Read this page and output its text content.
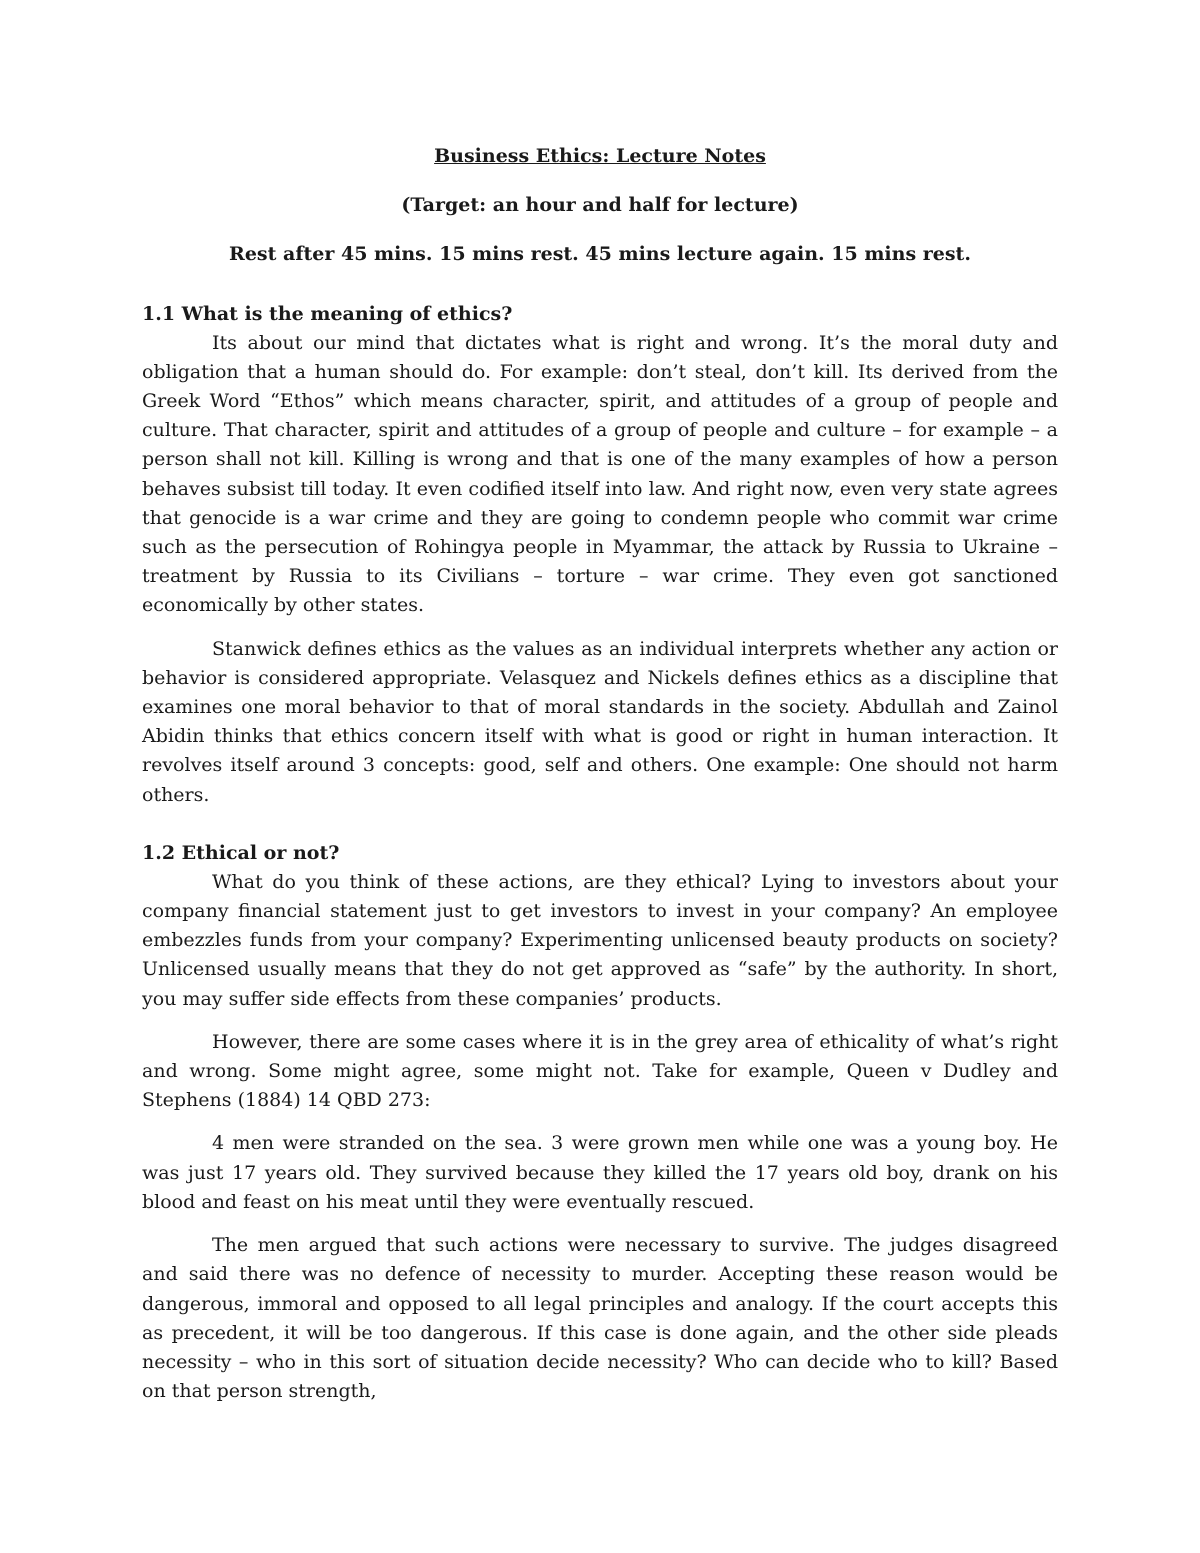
Business Ethics: Lecture Notes

(Target: an hour and half for lecture)

Rest after 45 mins. 15 mins rest. 45 mins lecture again. 15 mins rest.

1.1 What is the meaning of ethics?

Its about our mind that dictates what is right and wrong. It’s the moral duty and obligation that a human should do. For example: don’t steal, don’t kill. Its derived from the Greek Word “Ethos” which means character, spirit, and attitudes of a group of people and culture. That character, spirit and attitudes of a group of people and culture – for example – a person shall not kill. Killing is wrong and that is one of the many examples of how a person behaves subsist till today. It even codified itself into law. And right now, even very state agrees that genocide is a war crime and they are going to condemn people who commit war crime such as the persecution of Rohingya people in Myammar, the attack by Russia to Ukraine – treatment by Russia to its Civilians – torture – war crime. They even got sanctioned economically by other states.

Stanwick defines ethics as the values as an individual interprets whether any action or behavior is considered appropriate. Velasquez and Nickels defines ethics as a discipline that examines one moral behavior to that of moral standards in the society. Abdullah and Zainol Abidin thinks that ethics concern itself with what is good or right in human interaction. It revolves itself around 3 concepts: good, self and others. One example: One should not harm others.

1.2 Ethical or not?

What do you think of these actions, are they ethical? Lying to investors about your company financial statement just to get investors to invest in your company? An employee embezzles funds from your company? Experimenting unlicensed beauty products on society? Unlicensed usually means that they do not get approved as “safe” by the authority. In short, you may suffer side effects from these companies’ products.

However, there are some cases where it is in the grey area of ethicality of what’s right and wrong. Some might agree, some might not. Take for example, Queen v Dudley and Stephens (1884) 14 QBD 273:

4 men were stranded on the sea. 3 were grown men while one was a young boy. He was just 17 years old. They survived because they killed the 17 years old boy, drank on his blood and feast on his meat until they were eventually rescued.

The men argued that such actions were necessary to survive. The judges disagreed and said there was no defence of necessity to murder. Accepting these reason would be dangerous, immoral and opposed to all legal principles and analogy. If the court accepts this as precedent, it will be too dangerous. If this case is done again, and the other side pleads necessity – who in this sort of situation decide necessity? Who can decide who to kill? Based on that person strength,
